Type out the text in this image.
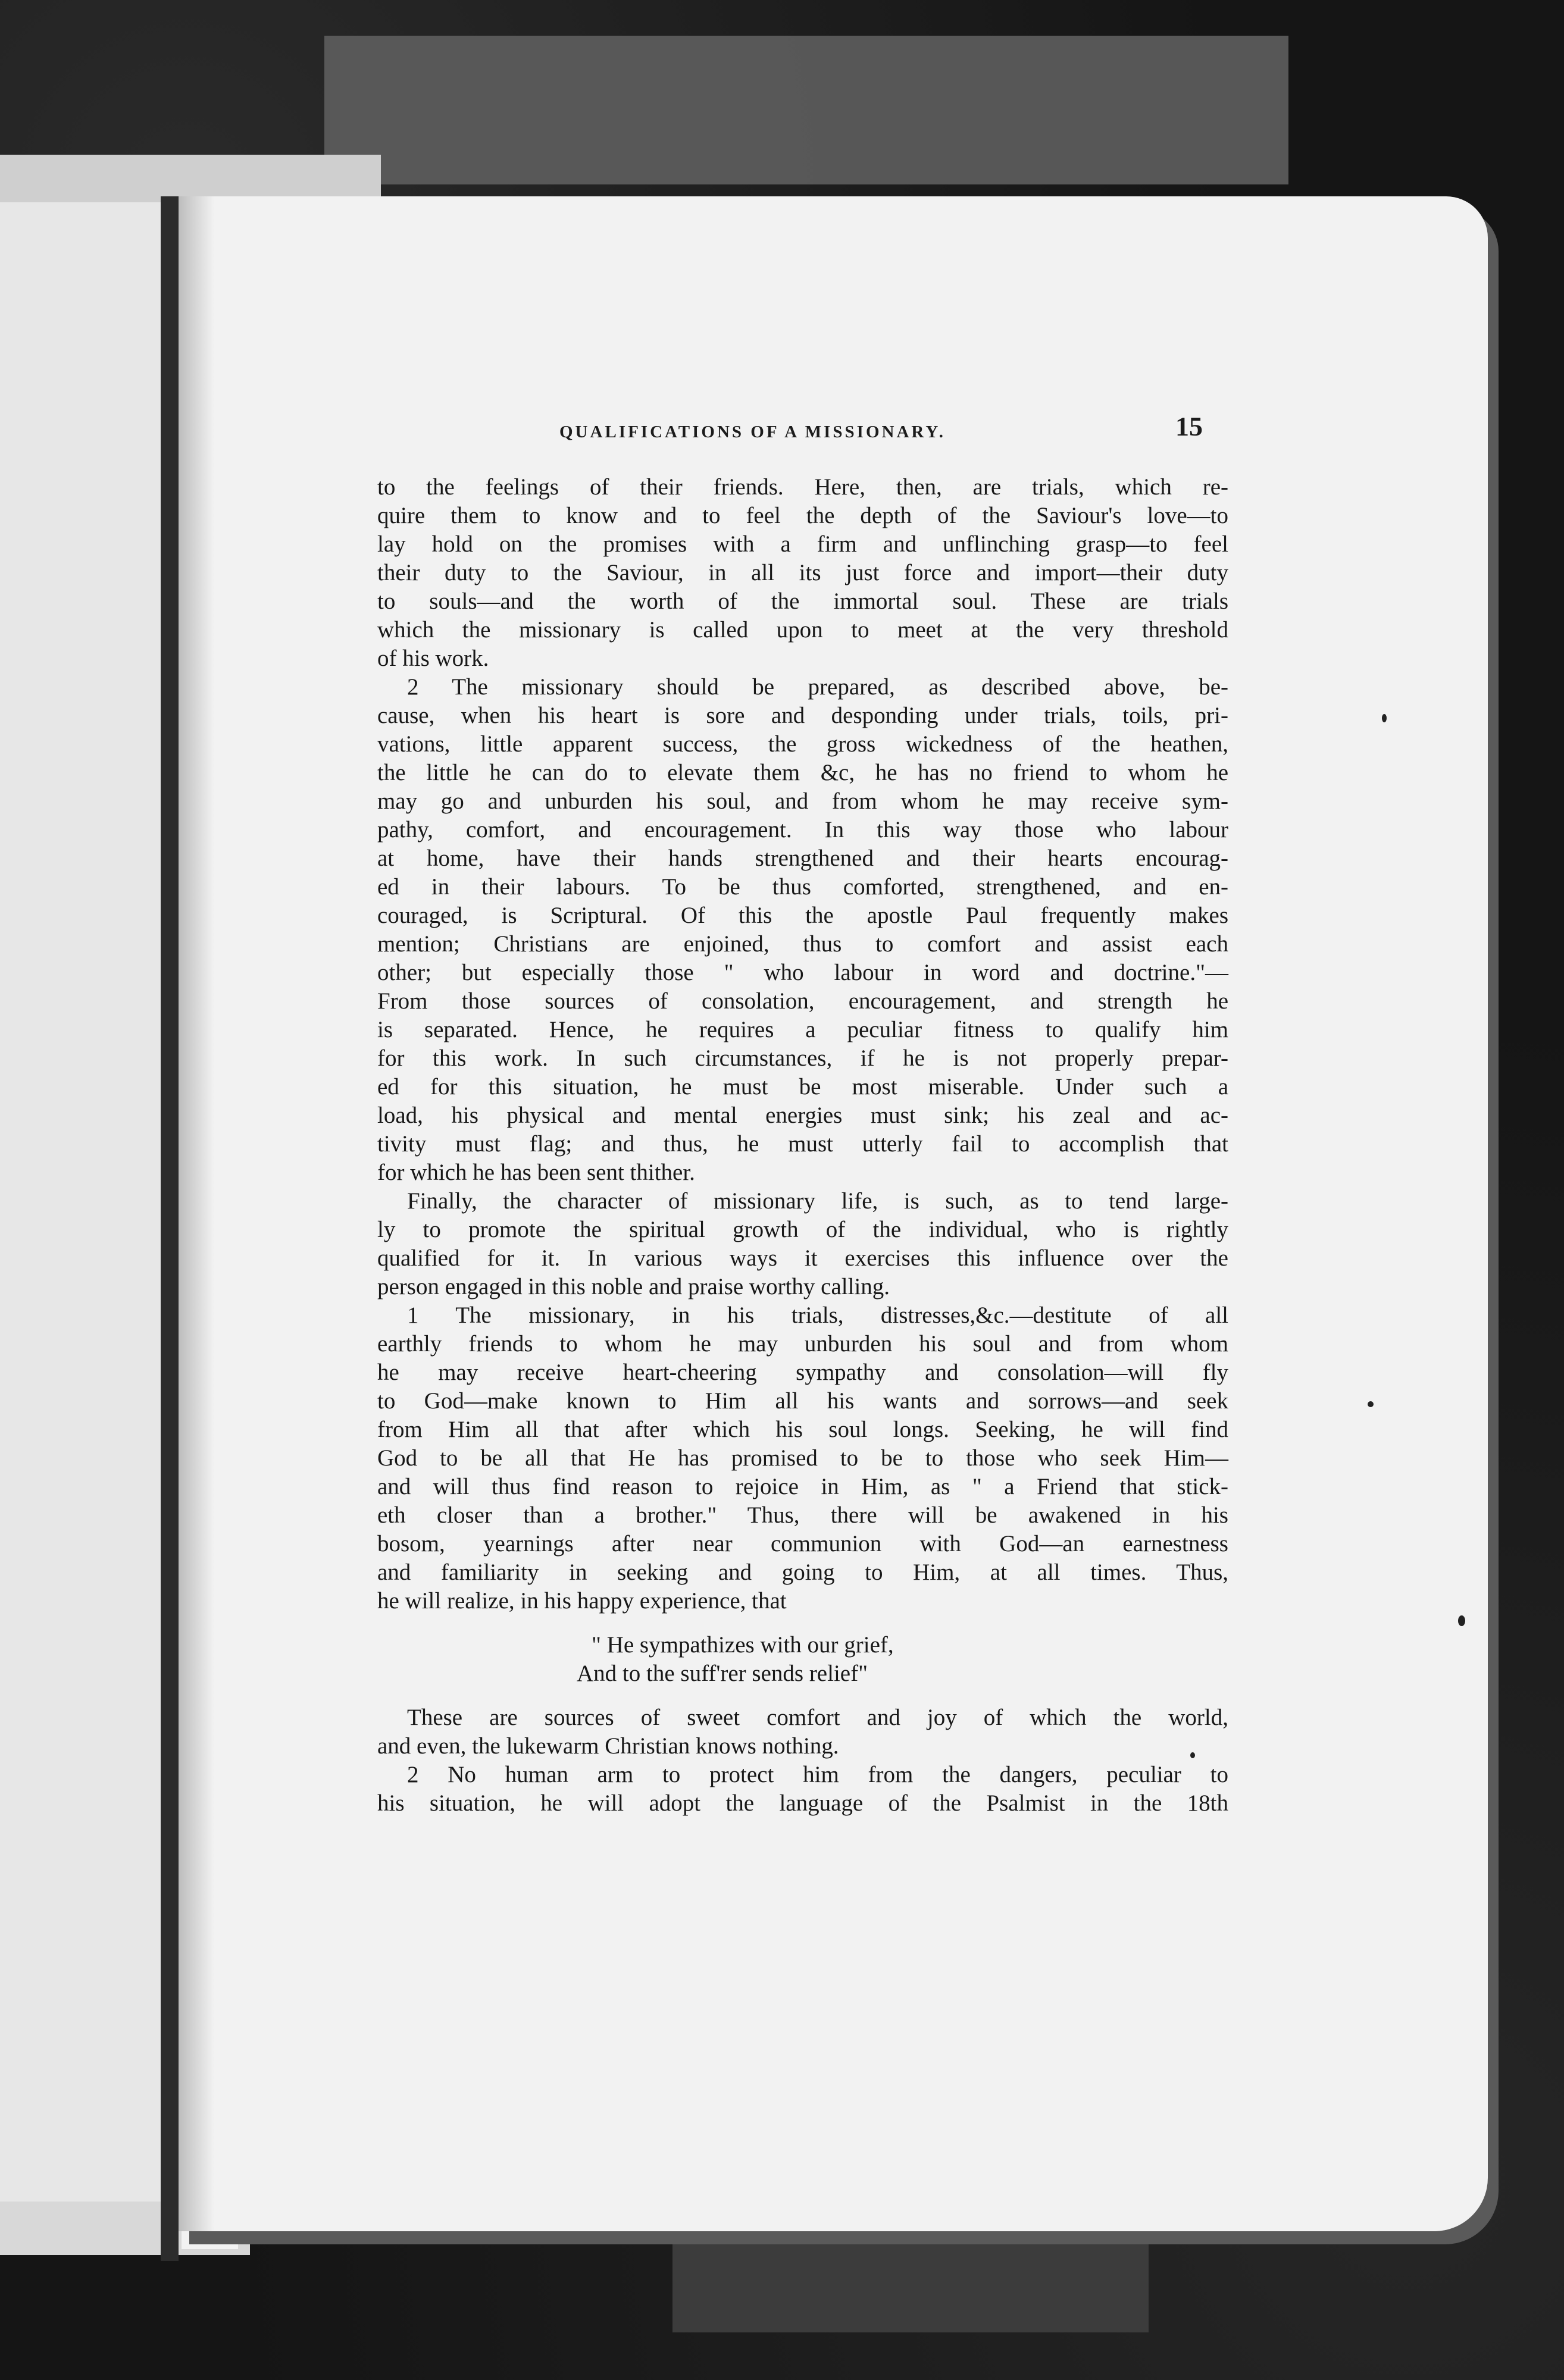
QUALIFICATIONS OF A MISSIONARY.	15
to the feelings of their friends. Here, then, are trials, which re-
quire them to know and to feel the depth of the Saviour's love—to
lay hold on the promises with a firm and unflinching grasp—to feel
their duty to the Saviour, in all its just force and import—their duty
to souls—and the worth of the immortal soul. These are trials
which the missionary is called upon to meet at the very threshold
of his work.
2 The missionary should be prepared, as described above, be-
cause, when his heart is sore and desponding under trials, toils, pri-
vations, little apparent success, the gross wickedness of the heathen,
the little he can do to elevate them &c, he has no friend to whom he
may go and unburden his soul, and from whom he may receive sym-
pathy, comfort, and encouragement. In this way those who labour
at home, have their hands strengthened and their hearts encourag-
ed in their labours. To be thus comforted, strengthened, and en-
couraged, is Scriptural. Of this the apostle Paul frequently makes
mention; Christians are enjoined, thus to comfort and assist each
other; but especially those " who labour in word and doctrine."—
From those sources of consolation, encouragement, and strength he
is separated. Hence, he requires a peculiar fitness to qualify him
for this work. In such circumstances, if he is not properly prepar-
ed for this situation, he must be most miserable. Under such a
load, his physical and mental energies must sink; his zeal and ac-
tivity must flag; and thus, he must utterly fail to accomplish that
for which he has been sent thither.
Finally, the character of missionary life, is such, as to tend large-
ly to promote the spiritual growth of the individual, who is rightly
qualified for it. In various ways it exercises this influence over the
person engaged in this noble and praise worthy calling.
1 The missionary, in his trials, distresses,&c.—destitute of all
earthly friends to whom he may unburden his soul and from whom
he may receive heart-cheering sympathy and consolation—will fly
to God—make known to Him all his wants and sorrows—and seek
from Him all that after which his soul longs. Seeking, he will find
God to be all that He has promised to be to those who seek Him—
and will thus find reason to rejoice in Him, as " a Friend that stick-
eth closer than a brother." Thus, there will be awakened in his
bosom, yearnings after near communion with God—an earnestness
and familiarity in seeking and going to Him, at all times. Thus,
he will realize, in his happy experience, that
" He sympathizes with our grief,
And to the suff'rer sends relief"
These are sources of sweet comfort and joy of which the world,
and even, the lukewarm Christian knows nothing.
2 No human arm to protect him from the dangers, peculiar to
his situation, he will adopt the language of the Psalmist in the 18th
